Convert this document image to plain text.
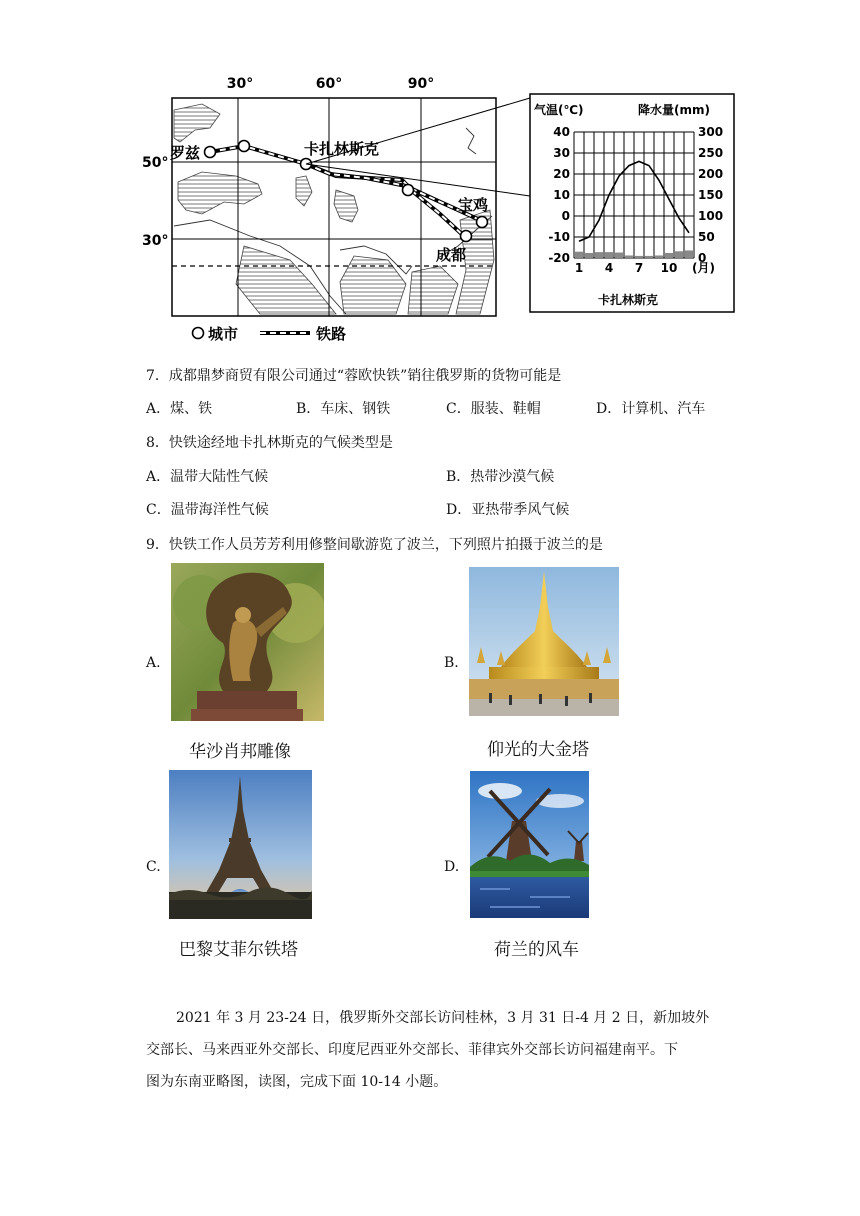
30°	60°	90°
50°
30°
罗兹	卡扎林斯克
宝鸡
成都
城市	铁路
气温(℃)	降水量(mm)
40
30
20
10
0
-10
-20
300
250
200
150
100
50
0
1 4 7 10 (月)
卡扎林斯克
7．成都鼎梦商贸有限公司通过“蓉欧快铁”销往俄罗斯的货物可能是
A．煤、铁	B．车床、钢铁	C．服装、鞋帽	D．计算机、汽车
8．快铁途经地卡扎林斯克的气候类型是
A．温带大陆性气候	B．热带沙漠气候
C．温带海洋性气候	D．亚热带季风气候
9．快铁工作人员芳芳利用修整间歇游览了波兰，下列照片拍摄于波兰的是
A.
华沙肖邦雕像
B.
仰光的大金塔
C.
巴黎艾菲尔铁塔
D.
荷兰的风车
2021 年 3 月 23-24 日，俄罗斯外交部长访问桂林，3 月 31 日-4 月 2 日，新加坡外
交部长、马来西亚外交部长、印度尼西亚外交部长、菲律宾外交部长访问福建南平。下
图为东南亚略图，读图，完成下面 10-14 小题。
